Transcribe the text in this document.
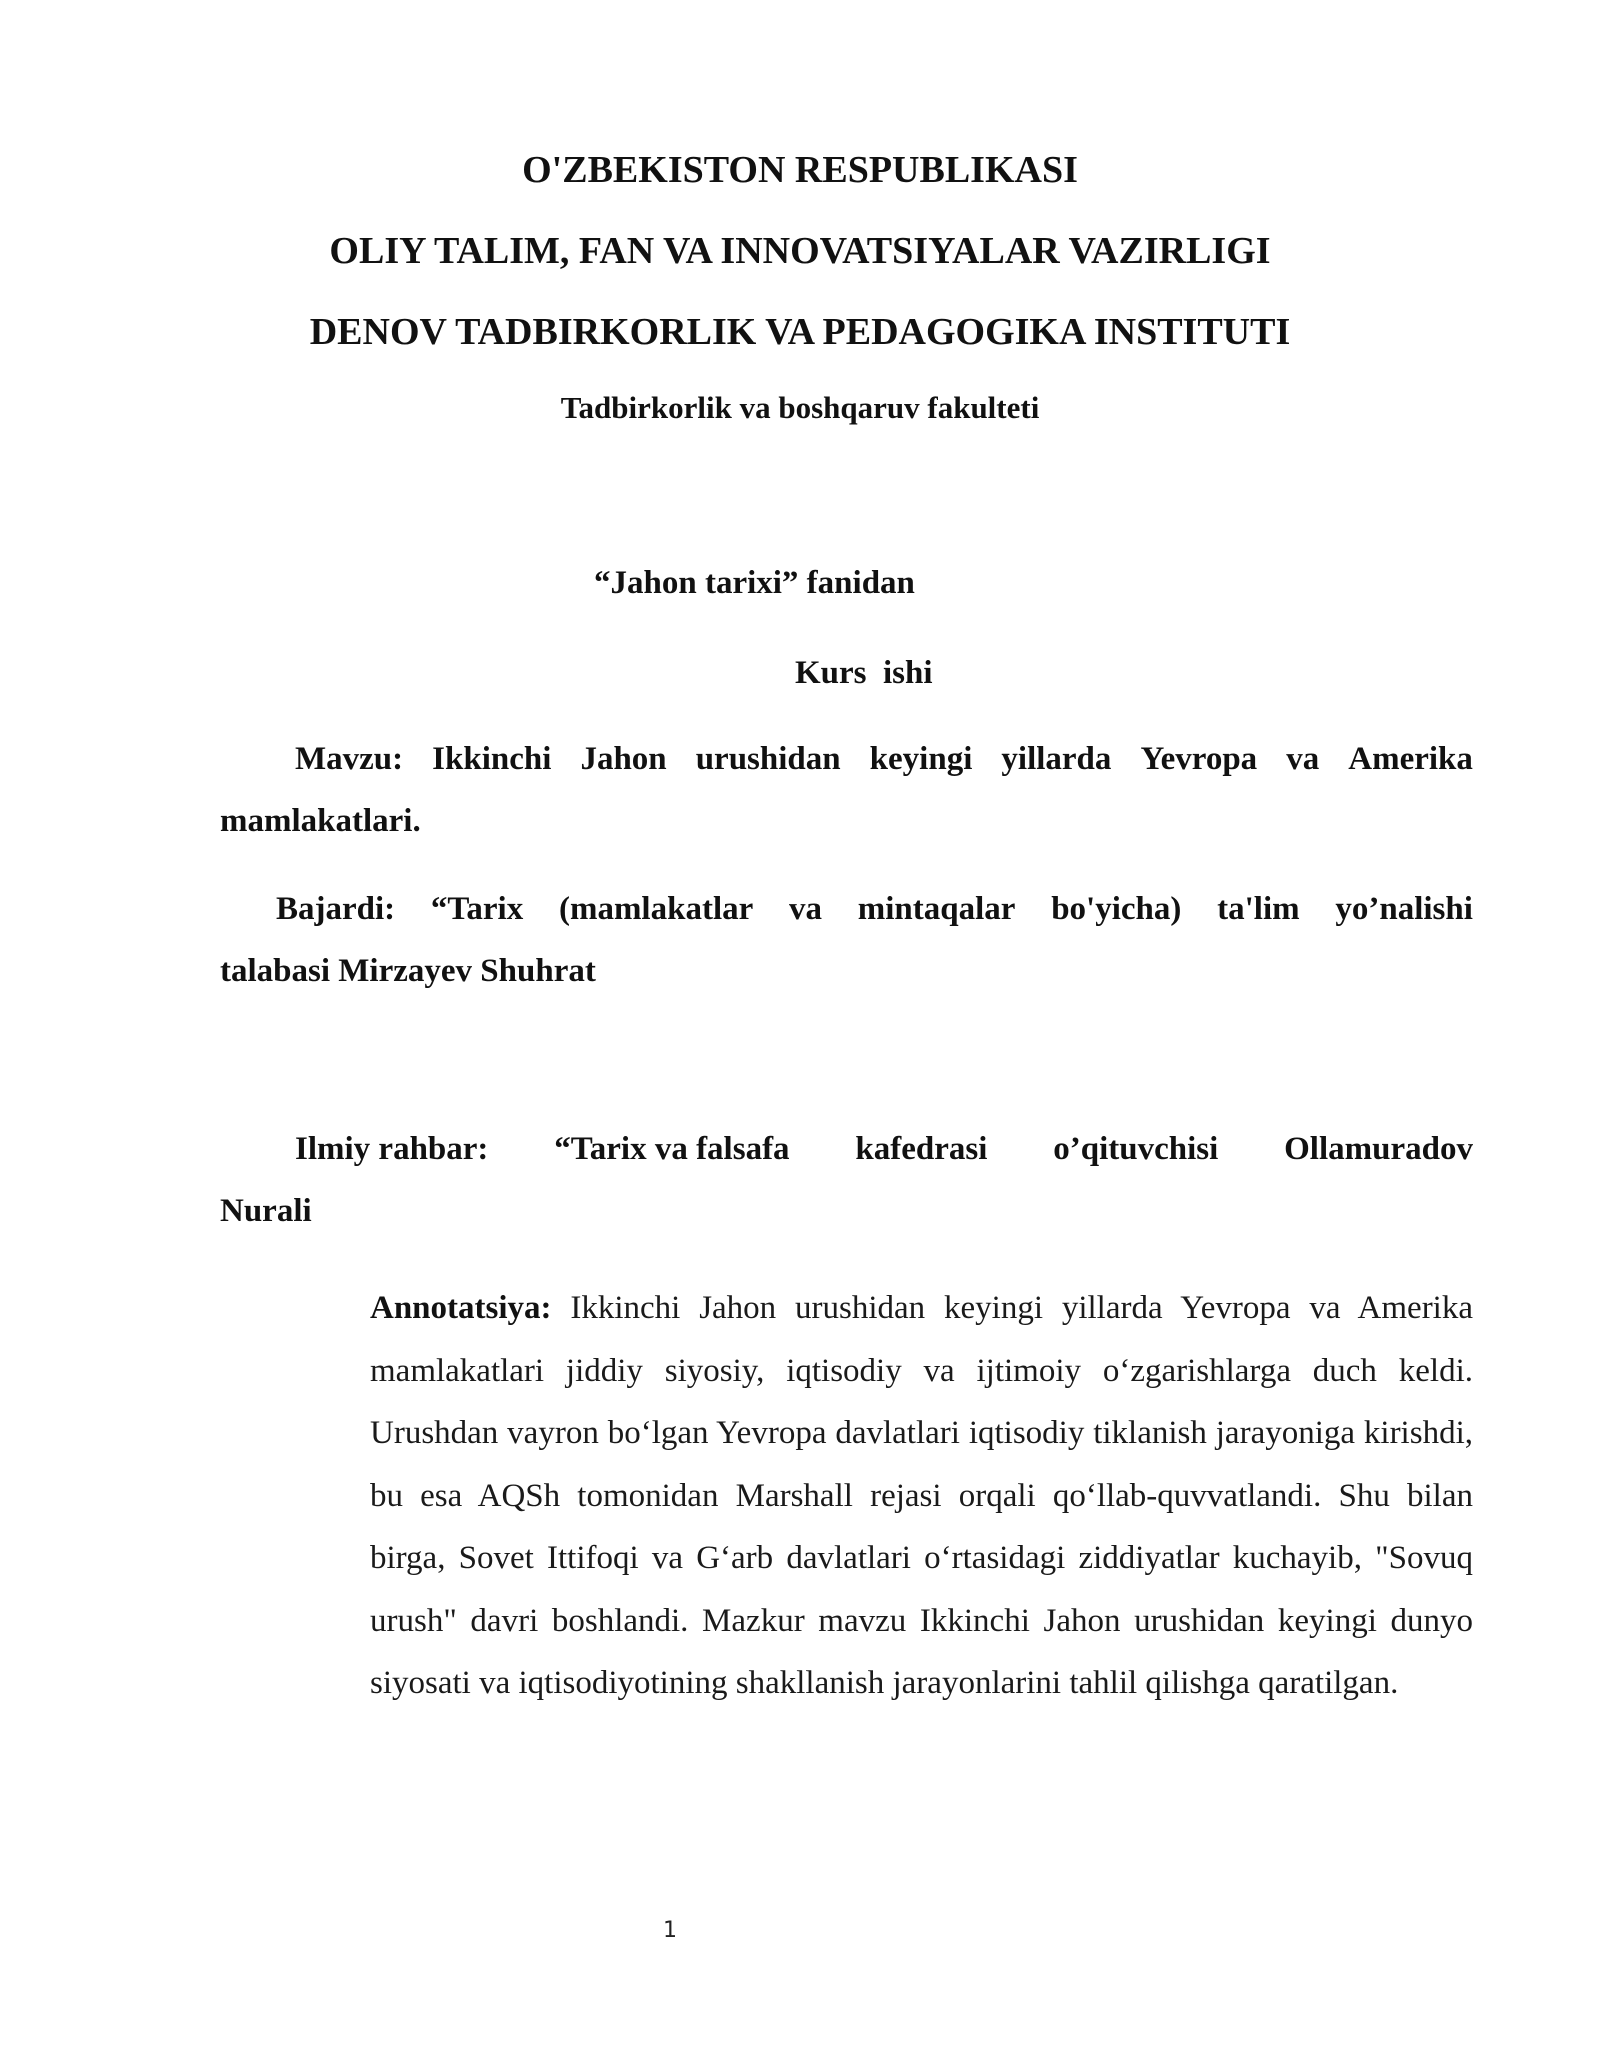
O'ZBEKISTON RESPUBLIKASI
OLIY TALIM, FAN VA INNOVATSIYALAR VAZIRLIGI
DENOV TADBIRKORLIK VA PEDAGOGIKA INSTITUTI
Tadbirkorlik va boshqaruv fakulteti
“Jahon tarixi” fanidan
Kurs  ishi
Mavzu: Ikkinchi Jahon urushidan keyingi yillarda Yevropa va Amerika
mamlakatlari.
Bajardi: “Tarix (mamlakatlar va mintaqalar bo'yicha) ta'lim yo’nalishi
talabasi Mirzayev Shuhrat
Ilmiy rahbar: “Tarix va falsafa kafedrasi o’qituvchisi Ollamuradov
Nurali
Annotatsiya: Ikkinchi Jahon urushidan keyingi yillarda Yevropa va Amerika mamlakatlari jiddiy siyosiy, iqtisodiy va ijtimoiy o‘zgarishlarga duch keldi. Urushdan vayron bo‘lgan Yevropa davlatlari iqtisodiy tiklanish jarayoniga kirishdi, bu esa AQSh tomonidan Marshall rejasi orqali qo‘llab-quvvatlandi. Shu bilan birga, Sovet Ittifoqi va G‘arb davlatlari o‘rtasidagi ziddiyatlar kuchayib, "Sovuq urush" davri boshlandi. Mazkur mavzu Ikkinchi Jahon urushidan keyingi dunyo siyosati va iqtisodiyotining shakllanish jarayonlarini tahlil qilishga qaratilgan.
1
